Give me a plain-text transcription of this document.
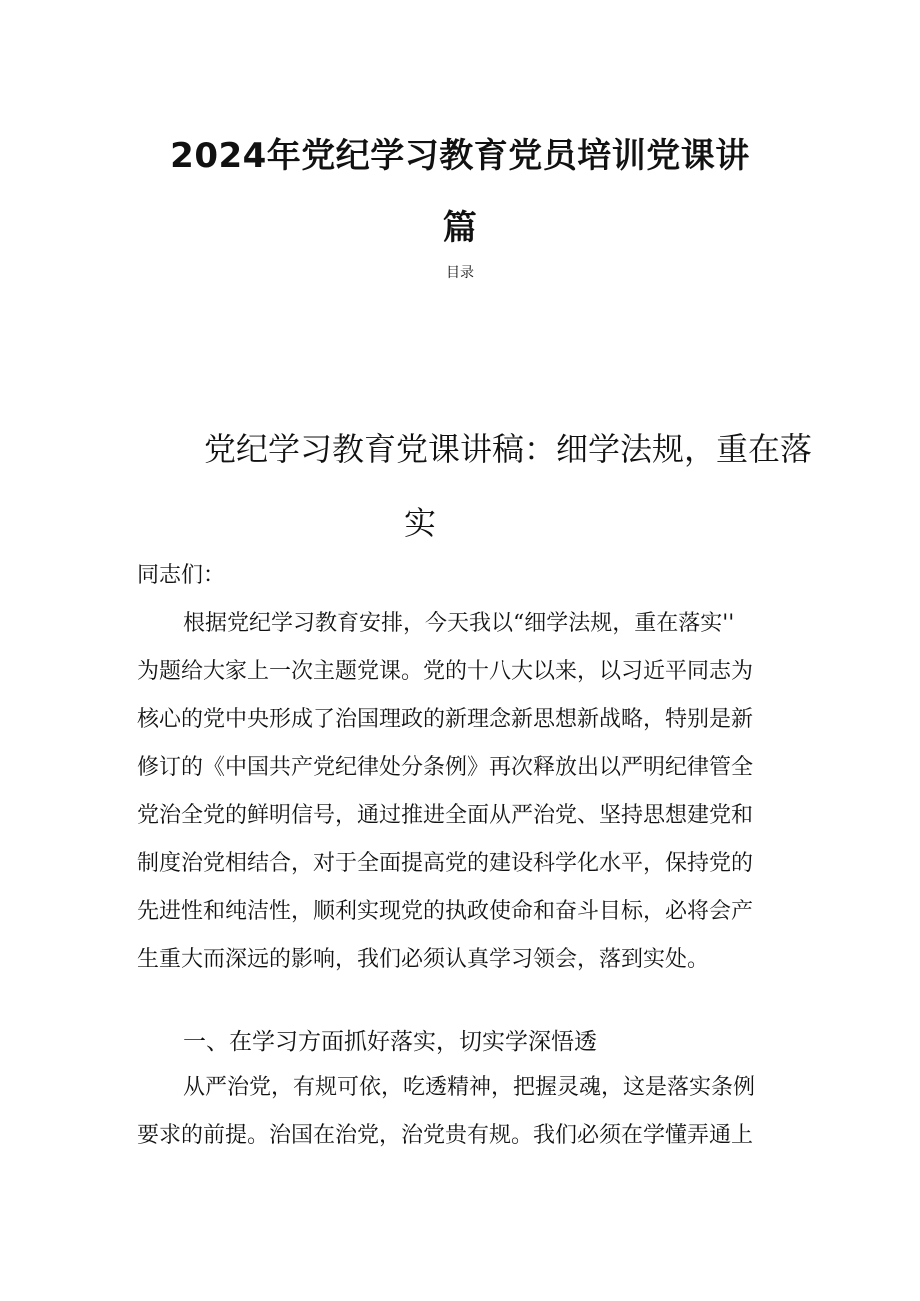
2024年党纪学习教育党员培训党课讲
篇
目录
党纪学习教育党课讲稿：细学法规，重在落
实
同志们：
根据党纪学习教育安排，今天我以“细学法规，重在落实''
为题给大家上一次主题党课。党的十八大以来，以习近平同志为
核心的党中央形成了治国理政的新理念新思想新战略，特别是新
修订的《中国共产党纪律处分条例》再次释放出以严明纪律管全
党治全党的鲜明信号，通过推进全面从严治党、坚持思想建党和
制度治党相结合，对于全面提高党的建设科学化水平，保持党的
先进性和纯洁性，顺利实现党的执政使命和奋斗目标，必将会产
生重大而深远的影响，我们必须认真学习领会，落到实处。
一、在学习方面抓好落实，切实学深悟透
从严治党，有规可依，吃透精神，把握灵魂，这是落实条例
要求的前提。治国在治党，治党贵有规。我们必须在学懂弄通上
